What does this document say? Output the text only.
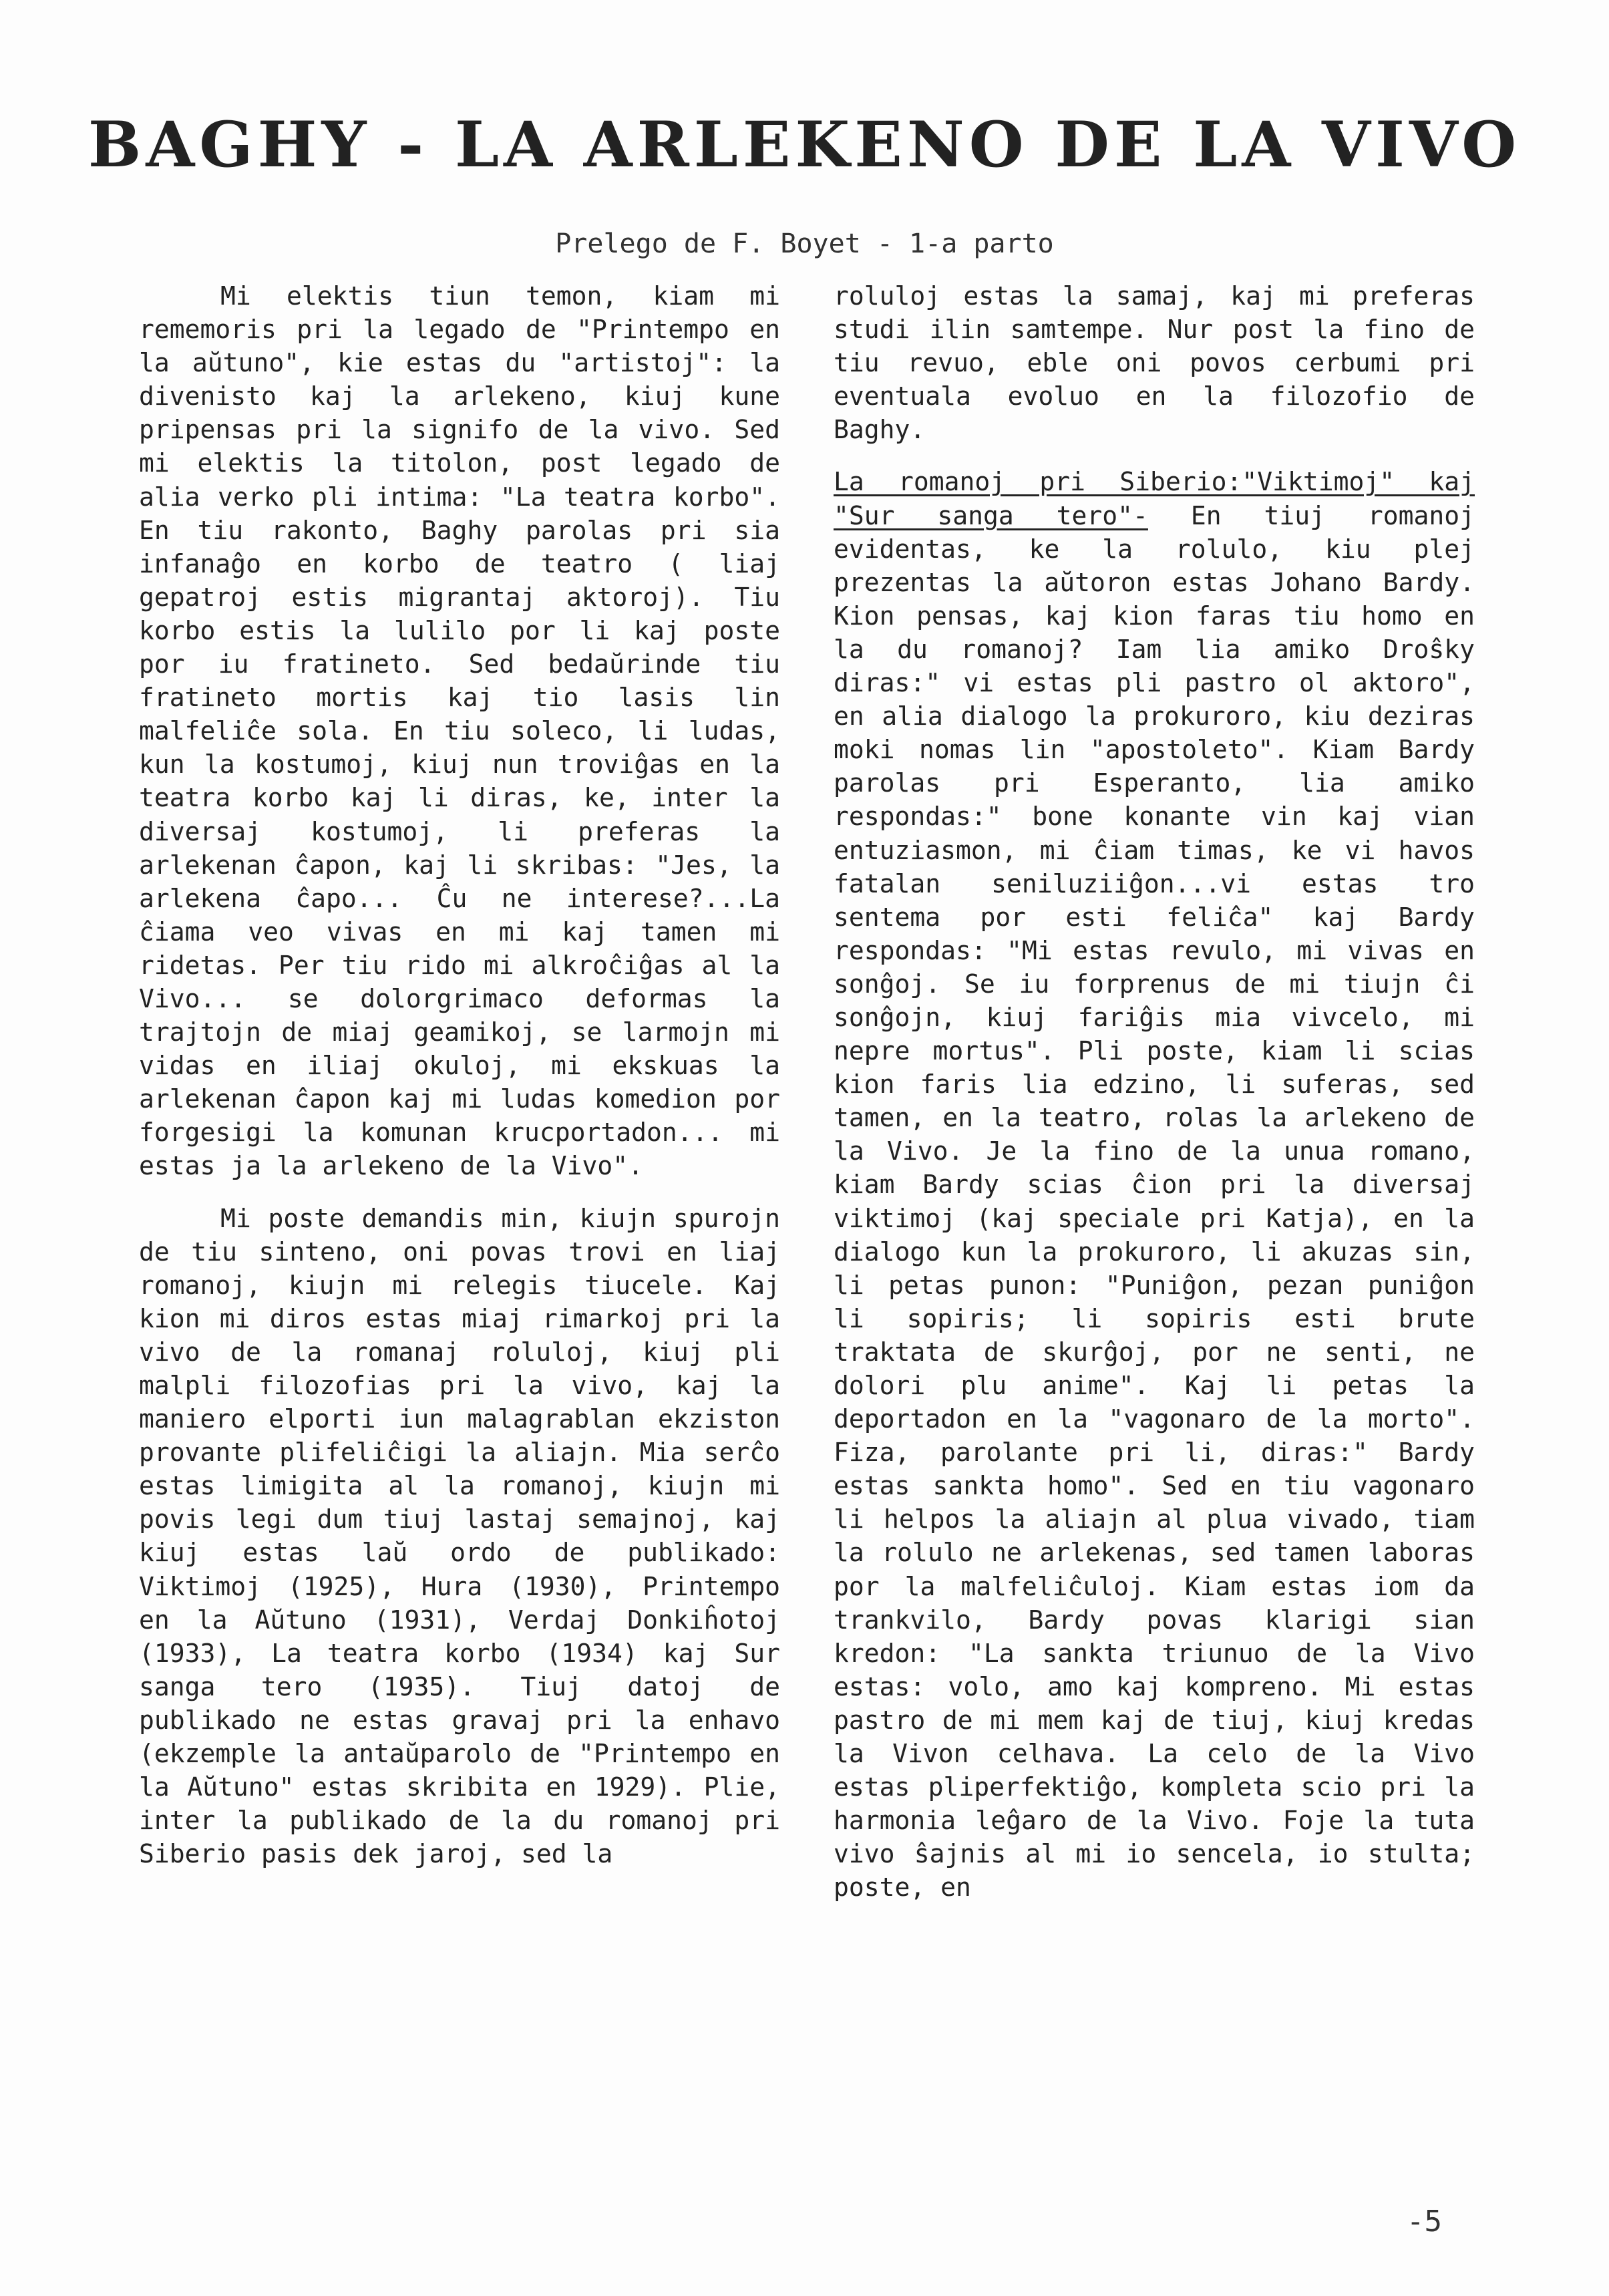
BAGHY - LA ARLEKENO DE LA VIVO

Prelego de F. Boyet - 1-a parto

Mi elektis tiun temon, kiam mi rememoris pri la legado de "Printempo en la aŭtuno", kie estas du "artistoj": la divenisto kaj la arlekeno, kiuj kune pripensas pri la signifo de la vivo. Sed mi elektis la titolon, post legado de alia verko pli intima: "La teatra korbo". En tiu rakonto, Baghy parolas pri sia infanaĝo en korbo de teatro ( liaj gepatroj estis migrantaj aktoroj). Tiu korbo estis la lulilo por li kaj poste por iu fratineto. Sed bedaŭrinde tiu fratineto mortis kaj tio lasis lin malfeliĉe sola. En tiu soleco, li ludas, kun la kostumoj, kiuj nun troviĝas en la teatra korbo kaj li diras, ke, inter la diversaj kostumoj, li preferas la arlekenan ĉapon, kaj li skribas: "Jes, la arlekena ĉapo... Ĉu ne interese?...La ĉiama veo vivas en mi kaj tamen mi ridetas. Per tiu rido mi alkroĉiĝas al la Vivo... se dolorgrimaco deformas la trajtojn de miaj geamikoj, se larmojn mi vidas en iliaj okuloj, mi ekskuas la arlekenan ĉapon kaj mi ludas komedion por forgesigi la komunan krucportadon... mi estas ja la arlekeno de la Vivo".

Mi poste demandis min, kiujn spurojn de tiu sinteno, oni povas trovi en liaj romanoj, kiujn mi relegis tiucele. Kaj kion mi diros estas miaj rimarkoj pri la vivo de la romanaj roluloj, kiuj pli malpli filozofias pri la vivo, kaj la maniero elporti iun malagrablan ekziston provante plifeliĉigi la aliajn. Mia serĉo estas limigita al la romanoj, kiujn mi povis legi dum tiuj lastaj semajnoj, kaj kiuj estas laŭ ordo de publikado: Viktimoj (1925), Hura (1930), Printempo en la Aŭtuno (1931), Verdaj Donkiĥotoj (1933), La teatra korbo (1934) kaj Sur sanga tero (1935). Tiuj datoj de publikado ne estas gravaj pri la enhavo (ekzemple la antaŭparolo de "Printempo en la Aŭtuno" estas skribita en 1929). Plie, inter la publikado de la du romanoj pri Siberio pasis dek jaroj, sed la

roluloj estas la samaj, kaj mi preferas studi ilin samtempe. Nur post la fino de tiu revuo, eble oni povos cerbumi pri eventuala evoluo en la filozofio de Baghy.

La romanoj pri Siberio:"Viktimoj" kaj "Sur sanga tero"- En tiuj romanoj evidentas, ke la rolulo, kiu plej prezentas la aŭtoron estas Johano Bardy. Kion pensas, kaj kion faras tiu homo en la du romanoj? Iam lia amiko Droŝky diras:" vi estas pli pastro ol aktoro", en alia dialogo la prokuroro, kiu deziras moki nomas lin "apostoleto". Kiam Bardy parolas pri Esperanto, lia amiko respondas:" bone konante vin kaj vian entuziasmon, mi ĉiam timas, ke vi havos fatalan seniluziiĝon...vi estas tro sentema por esti feliĉa" kaj Bardy respondas: "Mi estas revulo, mi vivas en sonĝoj. Se iu forprenus de mi tiujn ĉi sonĝojn, kiuj fariĝis mia vivcelo, mi nepre mortus". Pli poste, kiam li scias kion faris lia edzino, li suferas, sed tamen, en la teatro, rolas la arlekeno de la Vivo. Je la fino de la unua romano, kiam Bardy scias ĉion pri la diversaj viktimoj (kaj speciale pri Katja), en la dialogo kun la prokuroro, li akuzas sin, li petas punon: "Puniĝon, pezan puniĝon li sopiris; li sopiris esti brute traktata de skurĝoj, por ne senti, ne dolori plu anime". Kaj li petas la deportadon en la "vagonaro de la morto". Fiza, parolante pri li, diras:" Bardy estas sankta homo". Sed en tiu vagonaro li helpos la aliajn al plua vivado, tiam la rolulo ne arlekenas, sed tamen laboras por la malfeliĉuloj. Kiam estas iom da trankvilo, Bardy povas klarigi sian kredon: "La sankta triunuo de la Vivo estas: volo, amo kaj kompreno. Mi estas pastro de mi mem kaj de tiuj, kiuj kredas la Vivon celhava. La celo de la Vivo estas pliperfektiĝo, kompleta scio pri la harmonia leĝaro de la Vivo. Foje la tuta vivo ŝajnis al mi io sencela, io stulta; poste, en

-5
